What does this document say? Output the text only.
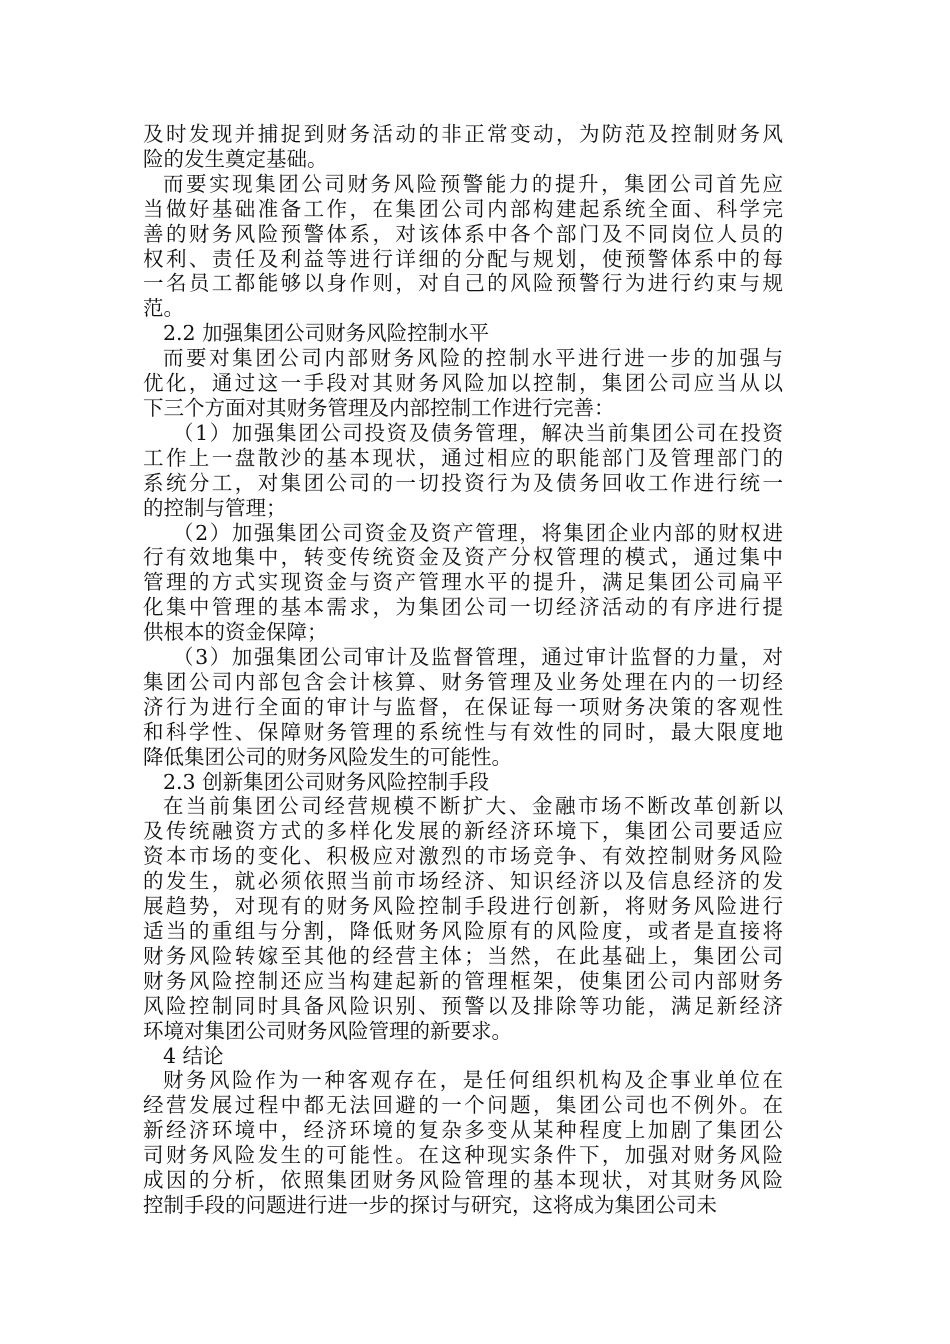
及时发现并捕捉到财务活动的非正常变动，为防范及控制财务风
险的发生奠定基础。
而要实现集团公司财务风险预警能力的提升，集团公司首先应
当做好基础准备工作，在集团公司内部构建起系统全面、科学完
善的财务风险预警体系，对该体系中各个部门及不同岗位人员的
权利、责任及利益等进行详细的分配与规划，使预警体系中的每
一名员工都能够以身作则，对自己的风险预警行为进行约束与规
范。
2.2 加强集团公司财务风险控制水平
而要对集团公司内部财务风险的控制水平进行进一步的加强与
优化，通过这一手段对其财务风险加以控制，集团公司应当从以
下三个方面对其财务管理及内部控制工作进行完善：
（1）加强集团公司投资及债务管理，解决当前集团公司在投资
工作上一盘散沙的基本现状，通过相应的职能部门及管理部门的
系统分工，对集团公司的一切投资行为及债务回收工作进行统一
的控制与管理；
（2）加强集团公司资金及资产管理，将集团企业内部的财权进
行有效地集中，转变传统资金及资产分权管理的模式，通过集中
管理的方式实现资金与资产管理水平的提升，满足集团公司扁平
化集中管理的基本需求，为集团公司一切经济活动的有序进行提
供根本的资金保障；
（3）加强集团公司审计及监督管理，通过审计监督的力量，对
集团公司内部包含会计核算、财务管理及业务处理在内的一切经
济行为进行全面的审计与监督，在保证每一项财务决策的客观性
和科学性、保障财务管理的系统性与有效性的同时，最大限度地
降低集团公司的财务风险发生的可能性。
2.3 创新集团公司财务风险控制手段
在当前集团公司经营规模不断扩大、金融市场不断改革创新以
及传统融资方式的多样化发展的新经济环境下，集团公司要适应
资本市场的变化、积极应对激烈的市场竞争、有效控制财务风险
的发生，就必须依照当前市场经济、知识经济以及信息经济的发
展趋势，对现有的财务风险控制手段进行创新，将财务风险进行
适当的重组与分割，降低财务风险原有的风险度，或者是直接将
财务风险转嫁至其他的经营主体；当然，在此基础上，集团公司
财务风险控制还应当构建起新的管理框架，使集团公司内部财务
风险控制同时具备风险识别、预警以及排除等功能，满足新经济
环境对集团公司财务风险管理的新要求。
4 结论
财务风险作为一种客观存在，是任何组织机构及企事业单位在
经营发展过程中都无法回避的一个问题，集团公司也不例外。在
新经济环境中，经济环境的复杂多变从某种程度上加剧了集团公
司财务风险发生的可能性。在这种现实条件下，加强对财务风险
成因的分析，依照集团财务风险管理的基本现状，对其财务风险
控制手段的问题进行进一步的探讨与研究，这将成为集团公司未
